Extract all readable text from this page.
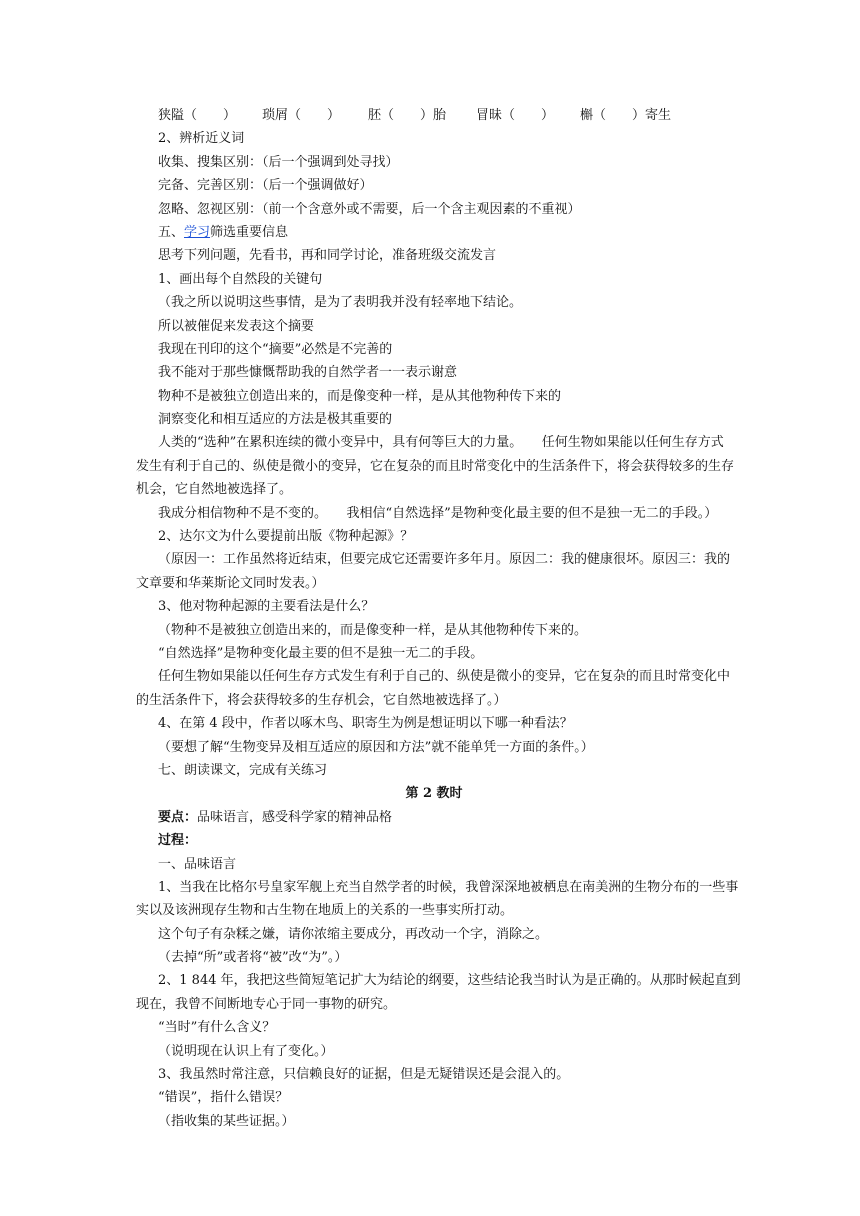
狭隘（　　） 琐屑（　　） 胚（　　）胎 冒昧（　　） 槲（　　）寄生
2、辨析近义词
收集、搜集区别：（后一个强调到处寻找）
完备、完善区别：（后一个强调做好）
忽略、忽视区别：（前一个含意外或不需要，后一个含主观因素的不重视）
五、学习筛选重要信息
思考下列问题，先看书，再和同学讨论，准备班级交流发言
1、画出每个自然段的关键句
（我之所以说明这些事情，是为了表明我并没有轻率地下结论。
所以被催促来发表这个摘要
我现在刊印的这个“摘要”必然是不完善的
我不能对于那些慷慨帮助我的自然学者一一表示谢意
物种不是被独立创造出来的，而是像变种一样，是从其他物种传下来的
洞察变化和相互适应的方法是极其重要的
人类的“选种”在累积连续的微小变异中，具有何等巨大的力量。　　任何生物如果能以任何生存方式
发生有利于自己的、纵使是微小的变异，它在复杂的而且时常变化中的生活条件下，将会获得较多的生存
机会，它自然地被选择了。
我成分相信物种不是不变的。　　我相信“自然选择”是物种变化最主要的但不是独一无二的手段。）
2、达尔文为什么要提前出版《物种起源》？
（原因一：工作虽然将近结束，但要完成它还需要许多年月。原因二：我的健康很坏。原因三：我的
文章要和华莱斯论文同时发表。）
3、他对物种起源的主要看法是什么？
（物种不是被独立创造出来的，而是像变种一样，是从其他物种传下来的。
“自然选择”是物种变化最主要的但不是独一无二的手段。
任何生物如果能以任何生存方式发生有利于自己的、纵使是微小的变异，它在复杂的而且时常变化中
的生活条件下，将会获得较多的生存机会，它自然地被选择了。）
4、在第 4 段中，作者以啄木鸟、职寄生为例是想证明以下哪一种看法？
（要想了解“生物变异及相互适应的原因和方法”就不能单凭一方面的条件。）
七、朗读课文，完成有关练习
第 2 教时
要点：品味语言，感受科学家的精神品格
过程：
一、品味语言
1、当我在比格尔号皇家军舰上充当自然学者的时候，我曾深深地被栖息在南美洲的生物分布的一些事
实以及该洲现存生物和古生物在地质上的关系的一些事实所打动。
这个句子有杂糅之嫌，请你浓缩主要成分，再改动一个字，消除之。
（去掉“所”或者将“被”改“为”。）
2、1 844 年，我把这些简短笔记扩大为结论的纲要，这些结论我当时认为是正确的。从那时候起直到
现在，我曾不间断地专心于同一事物的研究。
“当时”有什么含义？
（说明现在认识上有了变化。）
3、我虽然时常注意，只信赖良好的证据，但是无疑错误还是会混入的。
“错误”，指什么错误？
（指收集的某些证据。）
